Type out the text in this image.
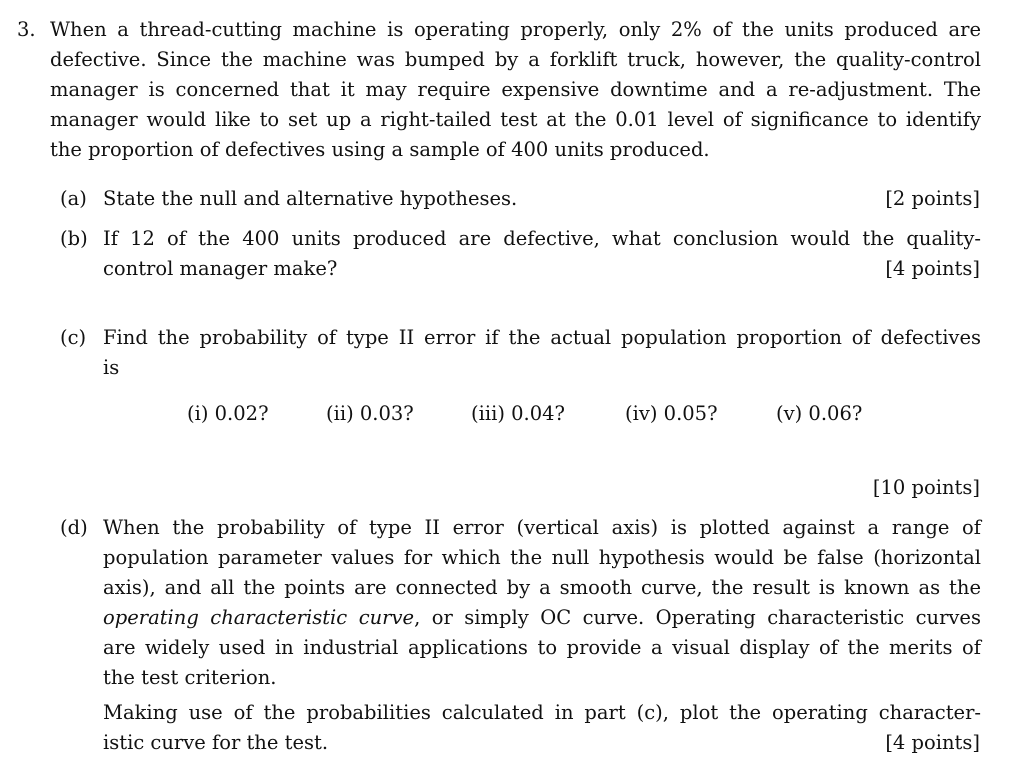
3. When a thread-cutting machine is operating properly, only 2% of the units produced are
defective. Since the machine was bumped by a forklift truck, however, the quality-control
manager is concerned that it may require expensive downtime and a re-adjustment. The
manager would like to set up a right-tailed test at the 0.01 level of significance to identify
the proportion of defectives using a sample of 400 units produced.
(a) State the null and alternative hypotheses.	[2 points]
(b) If 12 of the 400 units produced are defective, what conclusion would the quality-
control manager make?	[4 points]
(c) Find the probability of type II error if the actual population proportion of defectives
is
(i) 0.02?	(ii) 0.03?	(iii) 0.04?	(iv) 0.05?	(v) 0.06?
[10 points]
(d) When the probability of type II error (vertical axis) is plotted against a range of
population parameter values for which the null hypothesis would be false (horizontal
axis), and all the points are connected by a smooth curve, the result is known as the
operating characteristic curve, or simply OC curve. Operating characteristic curves
are widely used in industrial applications to provide a visual display of the merits of
the test criterion.
Making use of the probabilities calculated in part (c), plot the operating character-
istic curve for the test.	[4 points]
